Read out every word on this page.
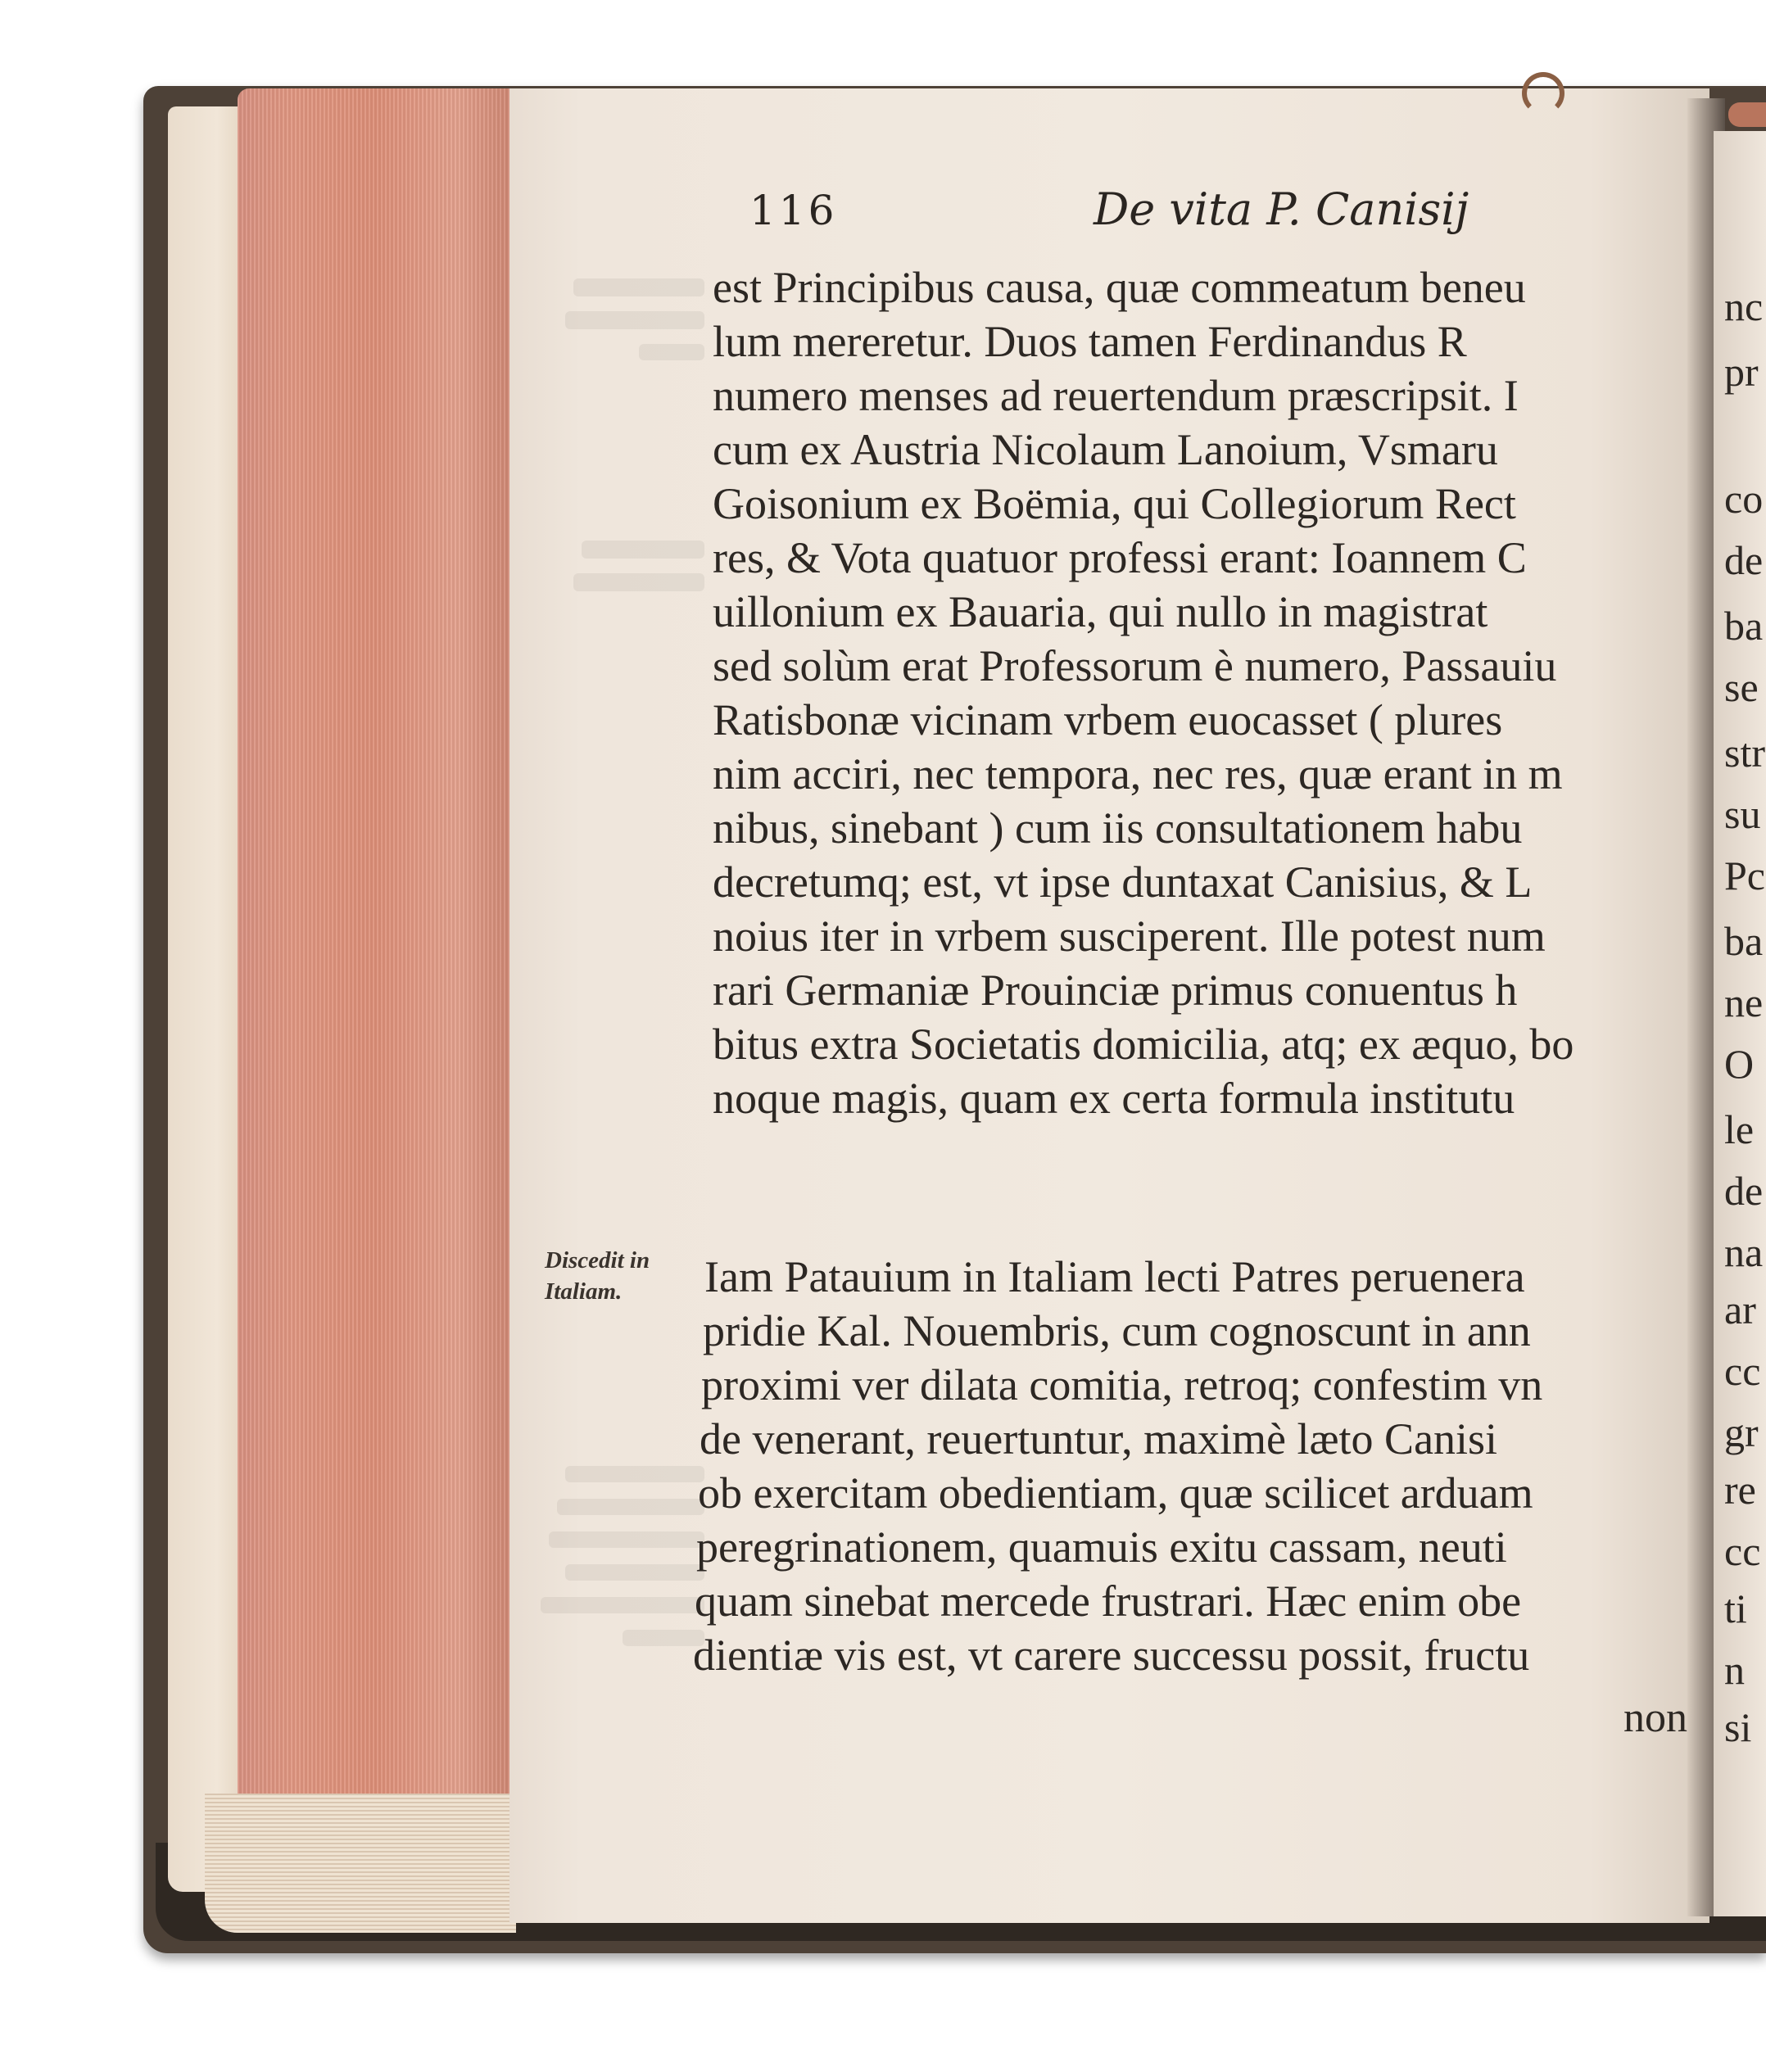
116	De vita P. Canisij
est Principibus causa, quæ commeatum beneu
lum mereretur. Duos tamen Ferdinandus R
numero menses ad reuertendum præscripsit. I
cum ex Austria Nicolaum Lanoium, Vsmaru
Goisonium ex Boëmia, qui Collegiorum Rect
res, & Vota quatuor professi erant: Ioannem C
uillonium ex Bauaria, qui nullo in magistrat
sed solùm erat Professorum è numero, Passauiu
Ratisbonæ vicinam vrbem euocasset ( plures
nim acciri, nec tempora, nec res, quæ erant in m
nibus, sinebant ) cum iis consultationem habu
decretumq; est, vt ipse duntaxat Canisius, & L
noius iter in vrbem susciperent. Ille potest num
rari Germaniæ Prouinciæ primus conuentus h
bitus extra Societatis domicilia, atq; ex æquo, bo
noque magis, quam ex certa formula institutu
Iam Patauium in Italiam lecti Patres peruenera
pridie Kal. Nouembris, cum cognoscunt in ann
proximi ver dilata comitia, retroq; confestim vn
de venerant, reuertuntur, maximè læto Canisi
ob exercitam obedientiam, quæ scilicet arduam
peregrinationem, quamuis exitu cassam, neuti
quam sinebat mercede frustrari. Hæc enim obe
dientiæ vis est, vt carere successu possit, fructu
non
Discedit in
Italiam.
nc
pr
co
de
ba
se
str
su
Pc
ba
ne
O
le
de
na
ar
cc
gr
re
cc
ti
n
si
